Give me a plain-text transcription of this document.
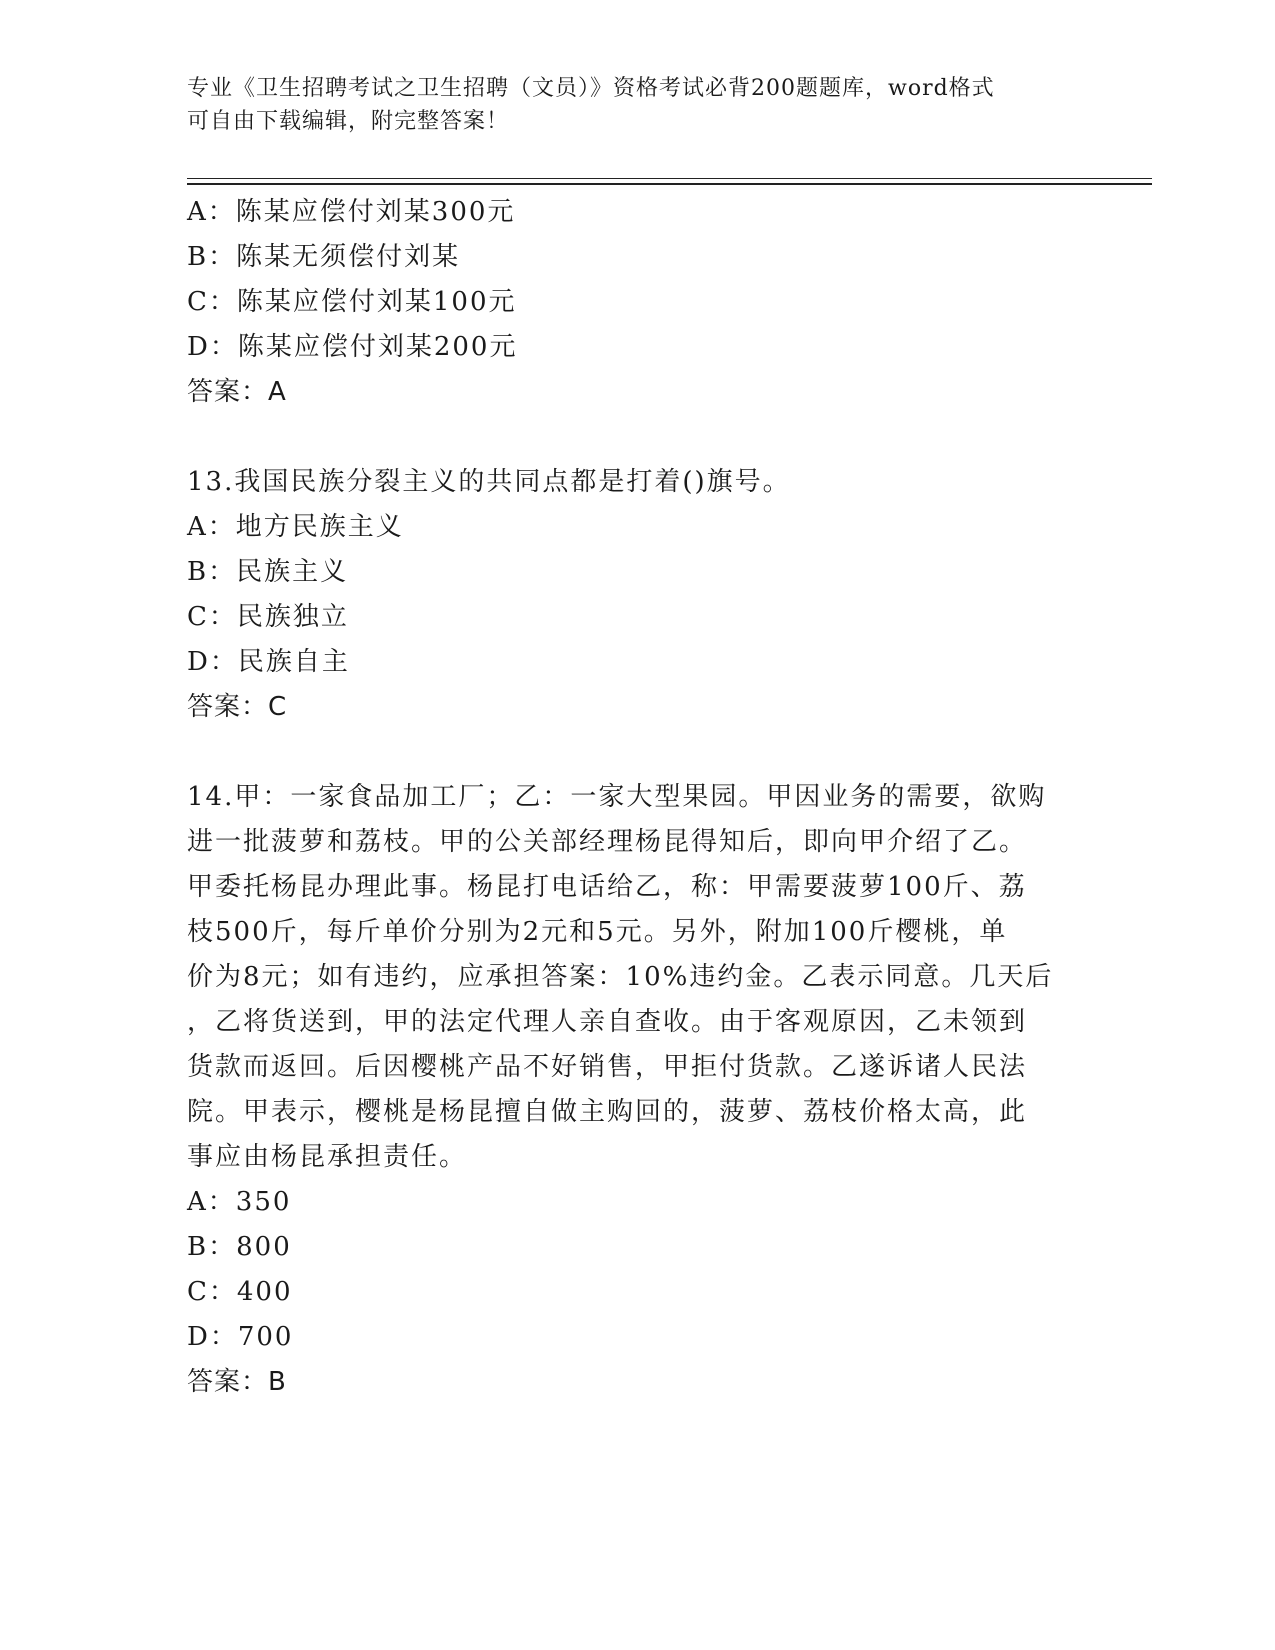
专业《卫生招聘考试之卫生招聘（文员）》资格考试必背200题题库，word格式
可自由下载编辑，附完整答案！
A：陈某应偿付刘某300元
B：陈某无须偿付刘某
C：陈某应偿付刘某100元
D：陈某应偿付刘某200元
答案：A
13.我国民族分裂主义的共同点都是打着()旗号。
A：地方民族主义
B：民族主义
C：民族独立
D：民族自主
答案：C
14.甲：一家食品加工厂；乙：一家大型果园。甲因业务的需要，欲购
进一批菠萝和荔枝。甲的公关部经理杨昆得知后，即向甲介绍了乙。
甲委托杨昆办理此事。杨昆打电话给乙，称：甲需要菠萝100斤、荔
枝500斤，每斤单价分别为2元和5元。另外，附加100斤樱桃，单
价为8元；如有违约，应承担答案：10%违约金。乙表示同意。几天后
，乙将货送到，甲的法定代理人亲自查收。由于客观原因，乙未领到
货款而返回。后因樱桃产品不好销售，甲拒付货款。乙遂诉诸人民法
院。甲表示，樱桃是杨昆擅自做主购回的，菠萝、荔枝价格太高，此
事应由杨昆承担责任。
A：350
B：800
C：400
D：700
答案：B
